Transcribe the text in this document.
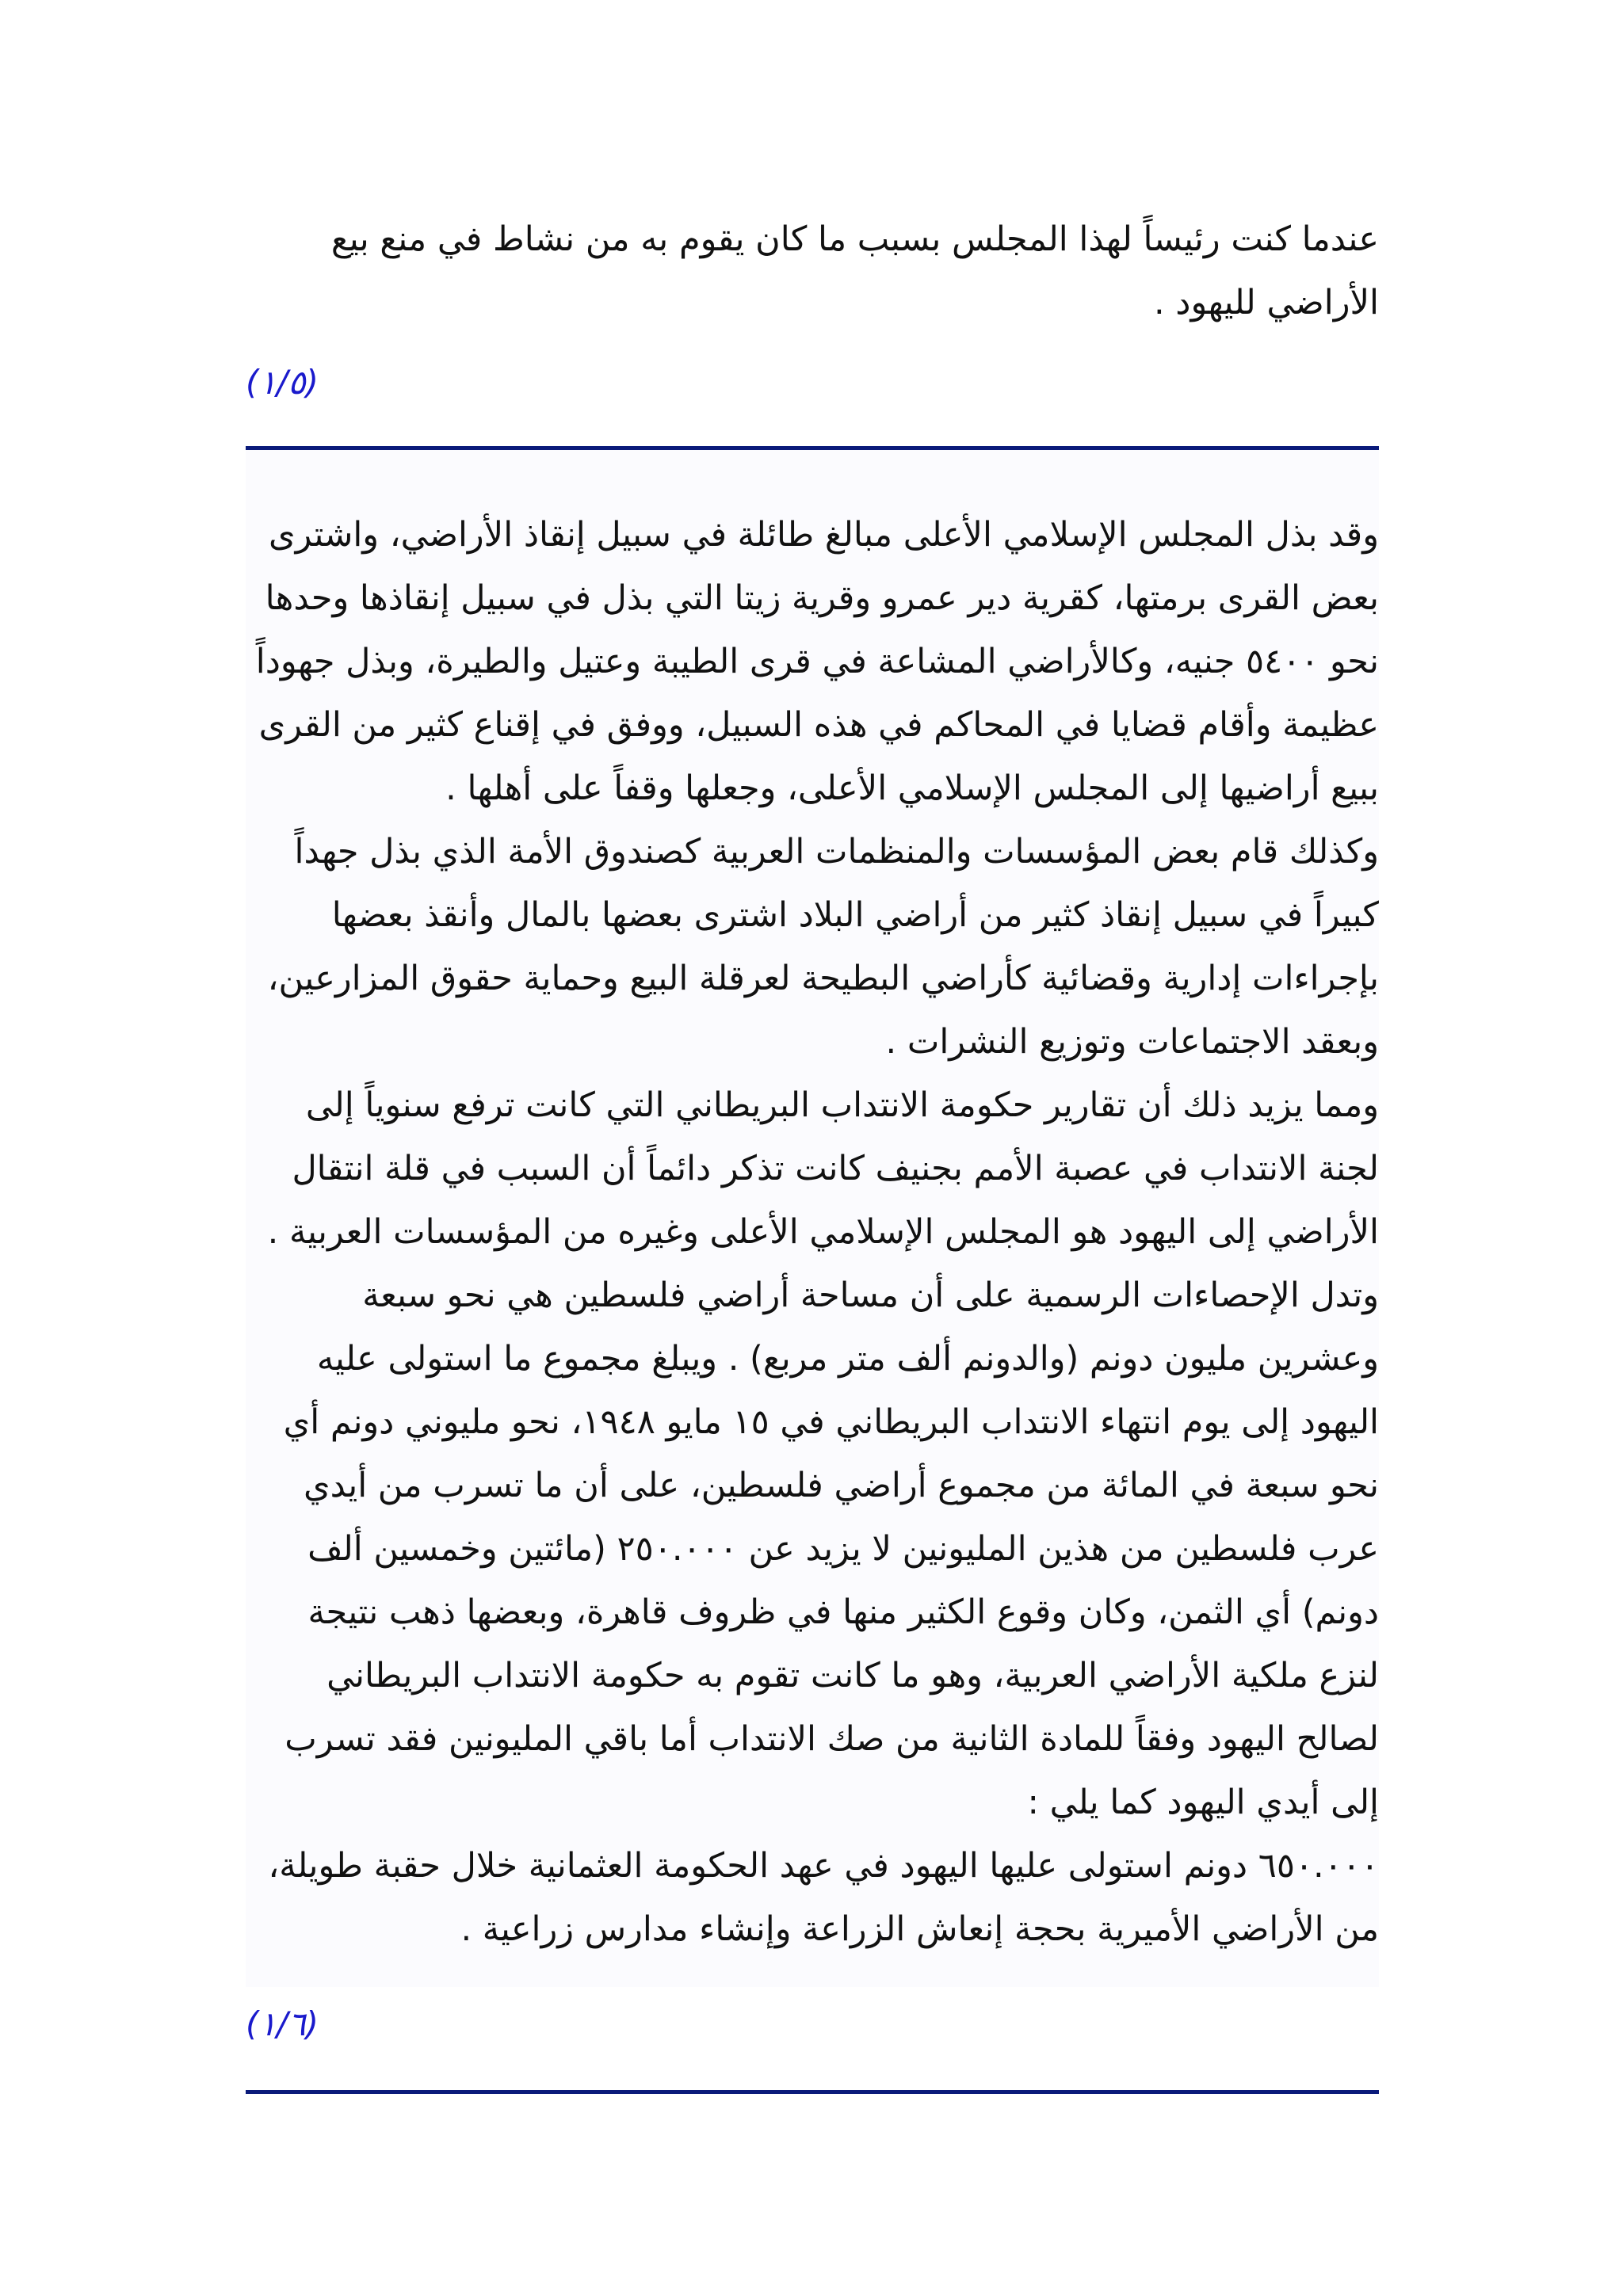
عندما كنت رئيساً لهذا المجلس بسبب ما كان يقوم به من نشاط في منع بيع الأراضي لليهود .

(١/٥)

وقد بذل المجلس الإسلامي الأعلى مبالغ طائلة في سبيل إنقاذ الأراضي، واشترى بعض القرى برمتها، كقرية دير عمرو وقرية زيتا التي بذل في سبيل إنقاذها وحدها نحو ٥٤٠٠ جنيه، وكالأراضي المشاعة في قرى الطيبة وعتيل والطيرة، وبذل جهوداً عظيمة وأقام قضايا في المحاكم في هذه السبيل، ووفق في إقناع كثير من القرى ببيع أراضيها إلى المجلس الإسلامي الأعلى، وجعلها وقفاً على أهلها .

وكذلك قام بعض المؤسسات والمنظمات العربية كصندوق الأمة الذي بذل جهداً كبيراً في سبيل إنقاذ كثير من أراضي البلاد اشترى بعضها بالمال وأنقذ بعضها بإجراءات إدارية وقضائية كأراضي البطيحة لعرقلة البيع وحماية حقوق المزارعين، وبعقد الاجتماعات وتوزيع النشرات .

ومما يزيد ذلك أن تقارير حكومة الانتداب البريطاني التي كانت ترفع سنوياً إلى لجنة الانتداب في عصبة الأمم بجنيف كانت تذكر دائماً أن السبب في قلة انتقال الأراضي إلى اليهود هو المجلس الإسلامي الأعلى وغيره من المؤسسات العربية .

وتدل الإحصاءات الرسمية على أن مساحة أراضي فلسطين هي نحو سبعة وعشرين مليون دونم (والدونم ألف متر مربع) . ويبلغ مجموع ما استولى عليه اليهود إلى يوم انتهاء الانتداب البريطاني في ١٥ مايو ١٩٤٨، نحو مليوني دونم أي نحو سبعة في المائة من مجموع أراضي فلسطين، على أن ما تسرب من أيدي عرب فلسطين من هذين المليونين لا يزيد عن ٢٥٠.٠٠٠ (مائتين وخمسين ألف دونم) أي الثمن، وكان وقوع الكثير منها في ظروف قاهرة، وبعضها ذهب نتيجة لنزع ملكية الأراضي العربية، وهو ما كانت تقوم به حكومة الانتداب البريطاني لصالح اليهود وفقاً للمادة الثانية من صك الانتداب أما باقي المليونين فقد تسرب إلى أيدي اليهود كما يلي :

٦٥٠.٠٠٠ دونم استولى عليها اليهود في عهد الحكومة العثمانية خلال حقبة طويلة، من الأراضي الأميرية بحجة إنعاش الزراعة وإنشاء مدارس زراعية .

(١/٦)
